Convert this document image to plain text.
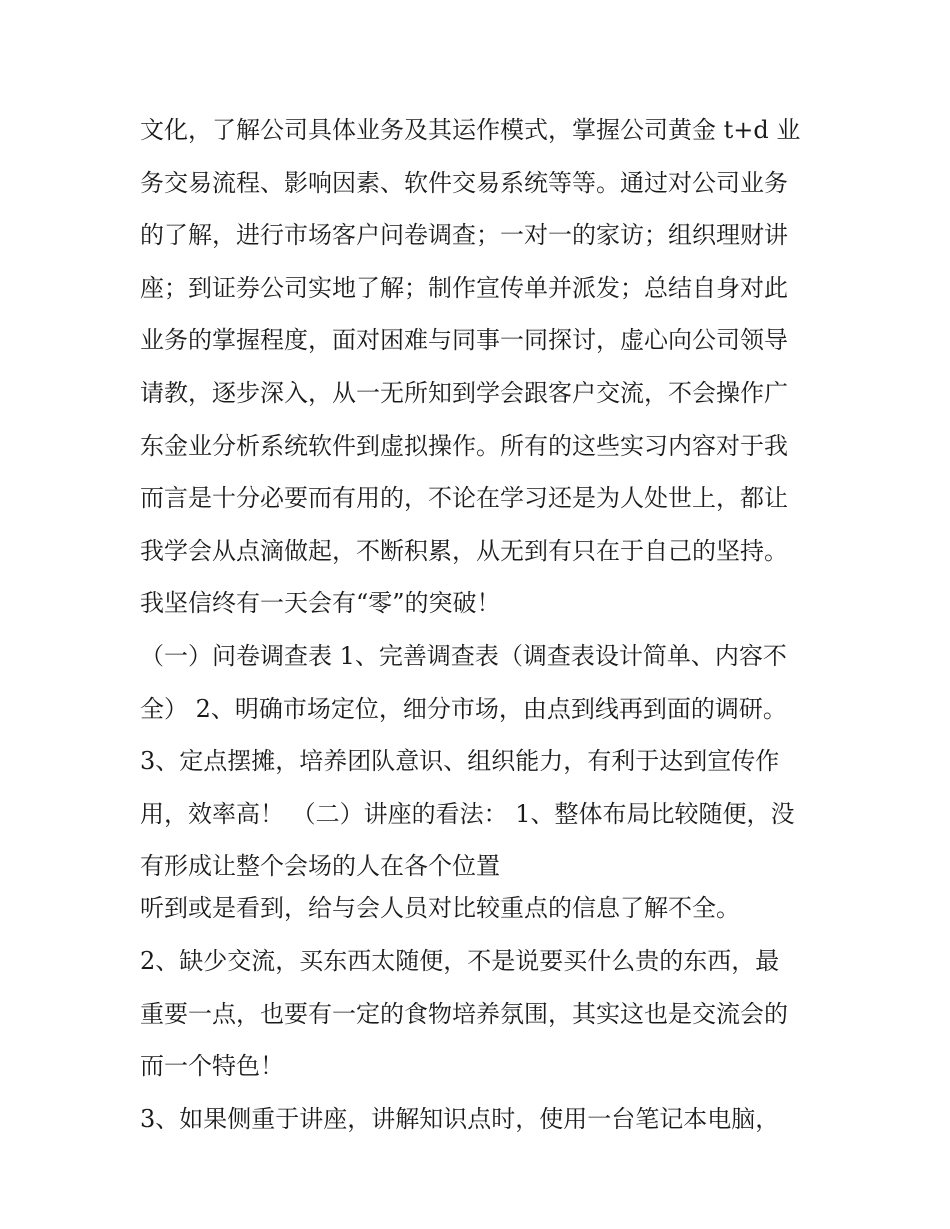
文化，了解公司具体业务及其运作模式，掌握公司黄金 t+d 业
务交易流程、影响因素、软件交易系统等等。通过对公司业务
的了解，进行市场客户问卷调查；一对一的家访；组织理财讲
座；到证券公司实地了解；制作宣传单并派发；总结自身对此
业务的掌握程度，面对困难与同事一同探讨，虚心向公司领导
请教，逐步深入，从一无所知到学会跟客户交流，不会操作广
东金业分析系统软件到虚拟操作。所有的这些实习内容对于我
而言是十分必要而有用的，不论在学习还是为人处世上，都让
我学会从点滴做起，不断积累，从无到有只在于自己的坚持。
我坚信终有一天会有“零”的突破！
（一）问卷调查表 1、完善调查表（调查表设计简单、内容不
全） 2、明确市场定位，细分市场，由点到线再到面的调研。
3、定点摆摊，培养团队意识、组织能力，有利于达到宣传作
用，效率高！ （二）讲座的看法： 1、整体布局比较随便，没
有形成让整个会场的人在各个位置
听到或是看到，给与会人员对比较重点的信息了解不全。
2、缺少交流，买东西太随便，不是说要买什么贵的东西，最
重要一点，也要有一定的食物培养氛围，其实这也是交流会的
而一个特色！
3、如果侧重于讲座，讲解知识点时，使用一台笔记本电脑，
